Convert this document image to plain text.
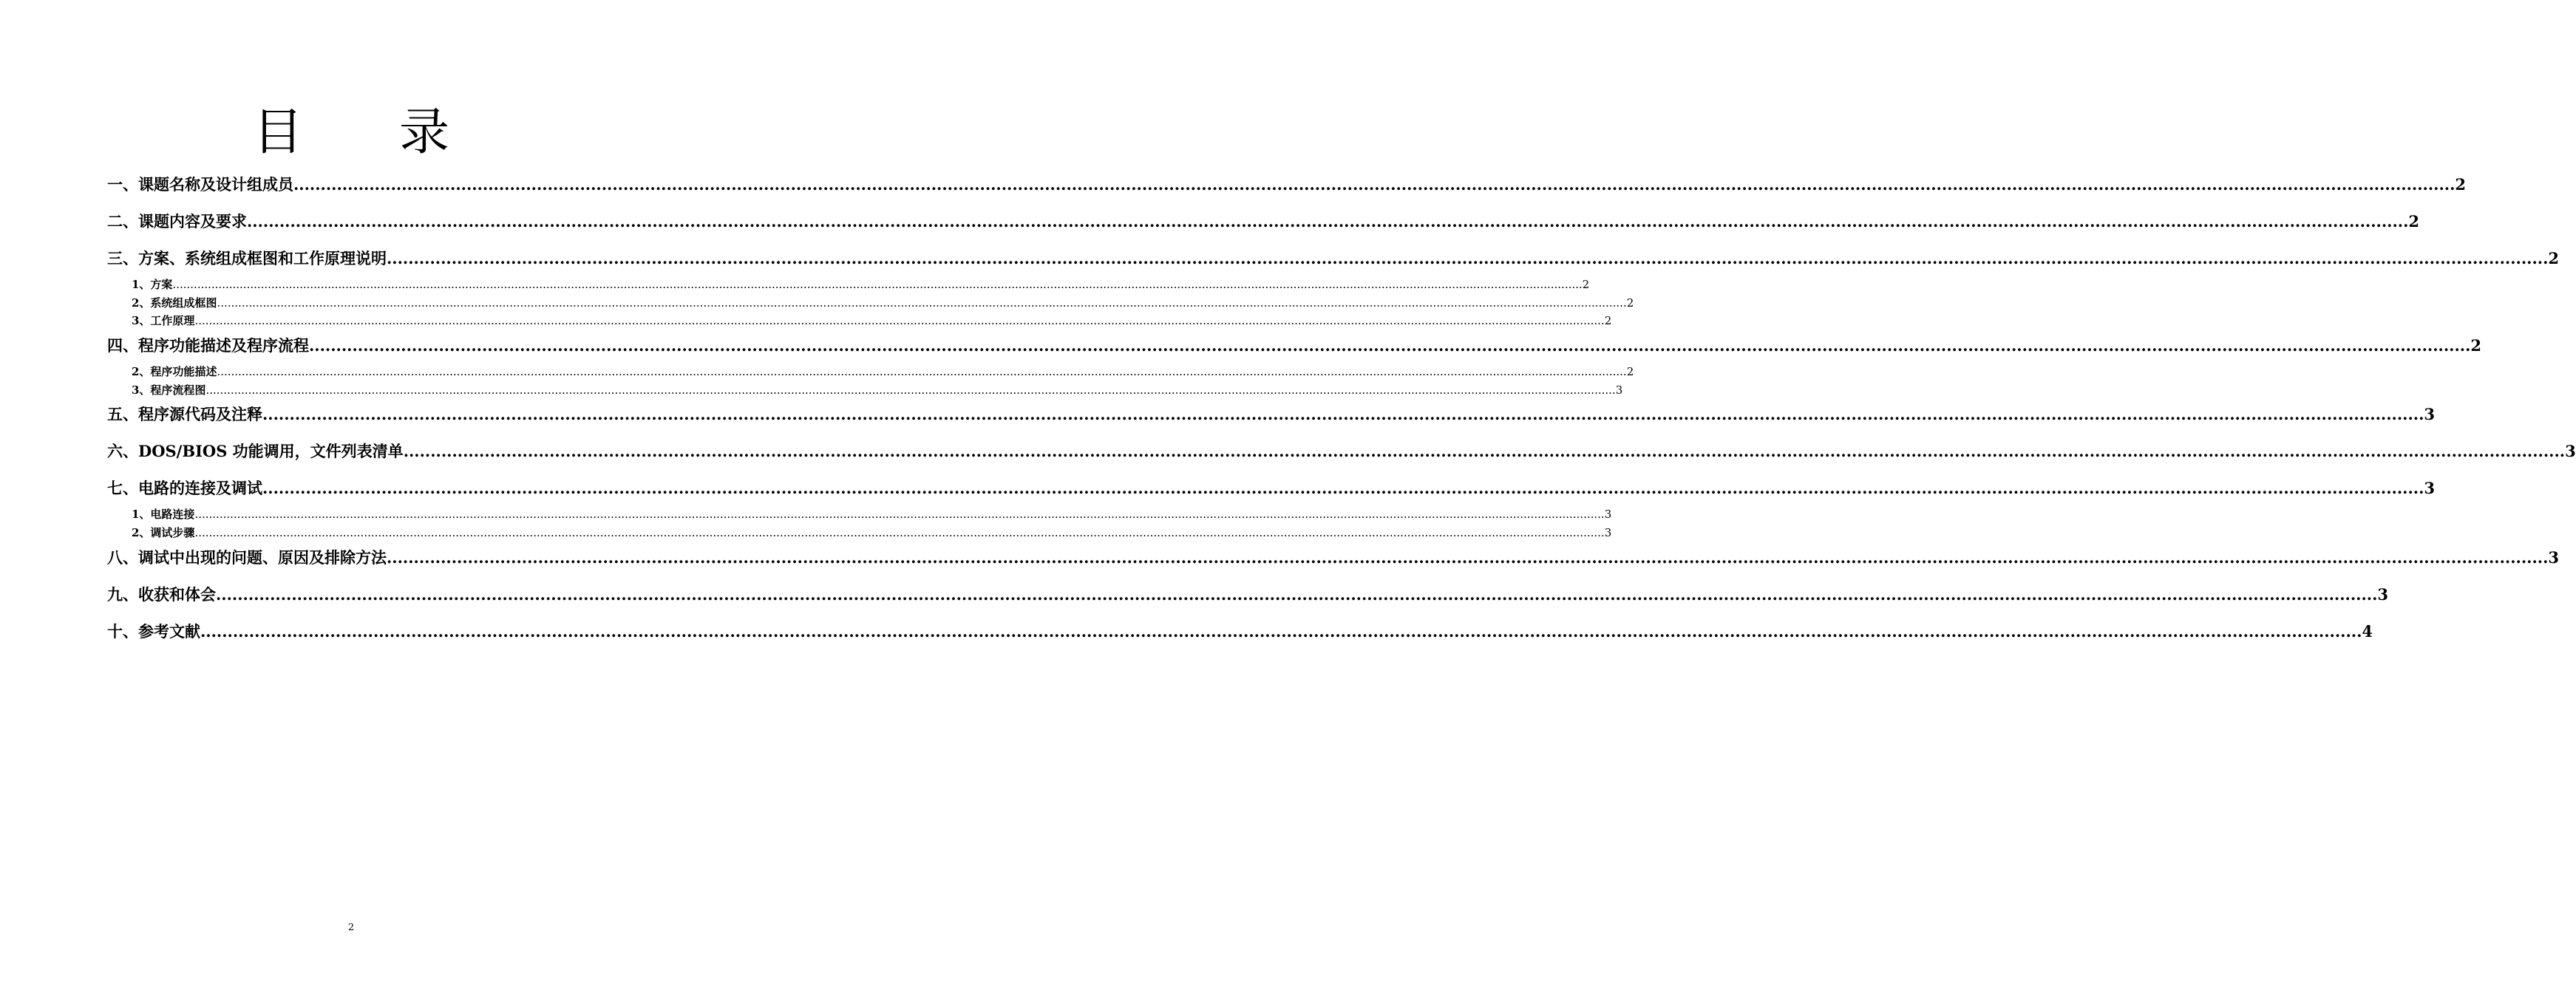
目 录
一、课题名称及设计组成员 ................................................................................................................................................................................................................................................................................................................................................................................................................ 2
二、课题内容及要求 ................................................................................................................................................................................................................................................................................................................................................................................................................ 2
三、方案、系统组成框图和工作原理说明 ................................................................................................................................................................................................................................................................................................................................................................................................................ 2
1、方案 ................................................................................................................................................................................................................................................................................................................................................................................................................ 2
2、系统组成框图 ................................................................................................................................................................................................................................................................................................................................................................................................................ 2
3、工作原理 ................................................................................................................................................................................................................................................................................................................................................................................................................ 2
四、程序功能描述及程序流程 ................................................................................................................................................................................................................................................................................................................................................................................................................ 2
2、程序功能描述 ................................................................................................................................................................................................................................................................................................................................................................................................................ 2
3、程序流程图 ................................................................................................................................................................................................................................................................................................................................................................................................................ 3
五、程序源代码及注释 ................................................................................................................................................................................................................................................................................................................................................................................................................ 3
六、DOS/BIOS 功能调用，文件列表清单 ................................................................................................................................................................................................................................................................................................................................................................................................................ 3
七、电路的连接及调试 ................................................................................................................................................................................................................................................................................................................................................................................................................ 3
1、电路连接 ................................................................................................................................................................................................................................................................................................................................................................................................................ 3
2、调试步骤 ................................................................................................................................................................................................................................................................................................................................................................................................................ 3
八、调试中出现的问题、原因及排除方法 ................................................................................................................................................................................................................................................................................................................................................................................................................ 3
九、收获和体会 ................................................................................................................................................................................................................................................................................................................................................................................................................ 3
十、参考文献 ................................................................................................................................................................................................................................................................................................................................................................................................................ 4
2
